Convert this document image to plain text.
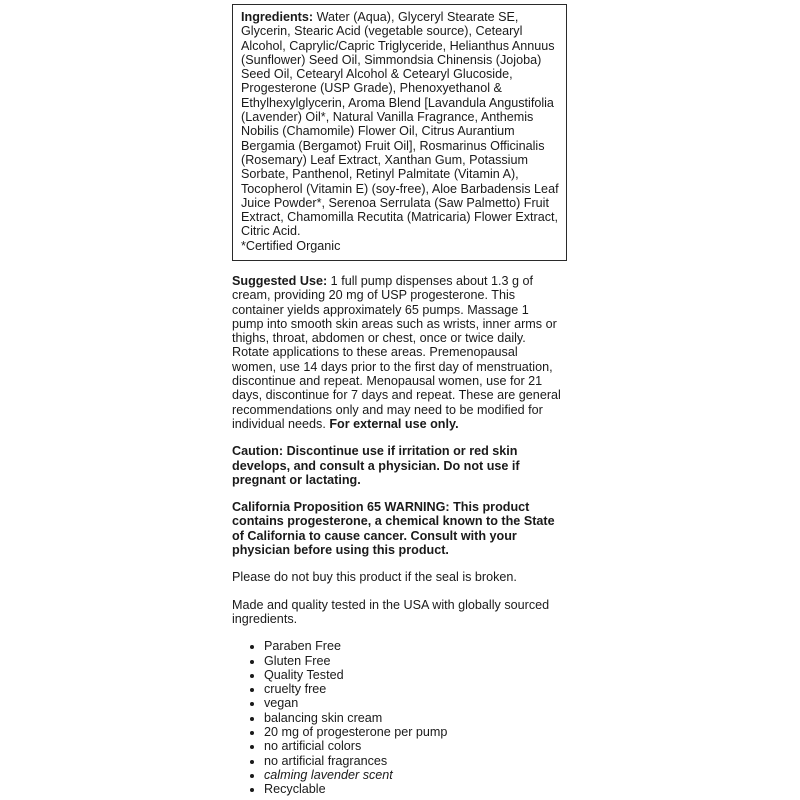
Ingredients: Water (Aqua), Glyceryl Stearate SE, Glycerin, Stearic Acid (vegetable source), Cetearyl Alcohol, Caprylic/Capric Triglyceride, Helianthus Annuus (Sunflower) Seed Oil, Simmondsia Chinensis (Jojoba) Seed Oil, Cetearyl Alcohol & Cetearyl Glucoside, Progesterone (USP Grade), Phenoxyethanol & Ethylhexylglycerin, Aroma Blend [Lavandula Angustifolia (Lavender) Oil*, Natural Vanilla Fragrance, Anthemis Nobilis (Chamomile) Flower Oil, Citrus Aurantium Bergamia (Bergamot) Fruit Oil], Rosmarinus Officinalis (Rosemary) Leaf Extract, Xanthan Gum, Potassium Sorbate, Panthenol, Retinyl Palmitate (Vitamin A), Tocopherol (Vitamin E) (soy-free), Aloe Barbadensis Leaf Juice Powder*, Serenoa Serrulata (Saw Palmetto) Fruit Extract, Chamomilla Recutita (Matricaria) Flower Extract, Citric Acid.

*Certified Organic

Suggested Use: 1 full pump dispenses about 1.3 g of cream, providing 20 mg of USP progesterone. This container yields approximately 65 pumps. Massage 1 pump into smooth skin areas such as wrists, inner arms or thighs, throat, abdomen or chest, once or twice daily. Rotate applications to these areas. Premenopausal women, use 14 days prior to the first day of menstruation, discontinue and repeat. Menopausal women, use for 21 days, discontinue for 7 days and repeat. These are general recommendations only and may need to be modified for individual needs. For external use only.

Caution: Discontinue use if irritation or red skin develops, and consult a physician. Do not use if pregnant or lactating.

California Proposition 65 WARNING: This product contains progesterone, a chemical known to the State of California to cause cancer. Consult with your physician before using this product.

Please do not buy this product if the seal is broken.

Made and quality tested in the USA with globally sourced ingredients.

• Paraben Free
• Gluten Free
• Quality Tested
• cruelty free
• vegan
• balancing skin cream
• 20 mg of progesterone per pump
• no artificial colors
• no artificial fragrances
• calming lavender scent
• Recyclable
